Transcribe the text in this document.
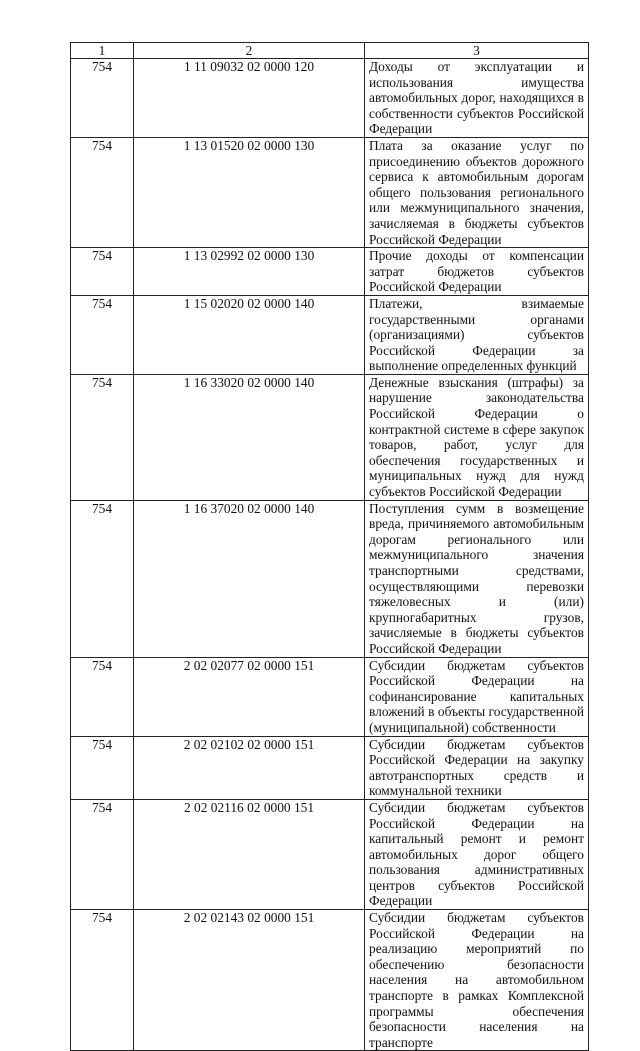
1	2	3
754	1 11 09032 02 0000 120	Доходы от эксплуатации и использования имущества автомобильных дорог, находящихся в собственности субъектов Российской Федерации
754	1 13 01520 02 0000 130	Плата за оказание услуг по присоединению объектов дорожного сервиса к автомобильным дорогам общего пользования регионального или межмуниципального значения, зачисляемая в бюджеты субъектов Российской Федерации
754	1 13 02992 02 0000 130	Прочие доходы от компенсации затрат бюджетов субъектов Российской Федерации
754	1 15 02020 02 0000 140	Платежи, взимаемые государственными органами (организациями) субъектов Российской Федерации за выполнение определенных функций
754	1 16 33020 02 0000 140	Денежные взыскания (штрафы) за нарушение законодательства Российской Федерации о контрактной системе в сфере закупок товаров, работ, услуг для обеспечения государственных и муниципальных нужд для нужд субъектов Российской Федерации
754	1 16 37020 02 0000 140	Поступления сумм в возмещение вреда, причиняемого автомобильным дорогам регионального или межмуниципального значения транспортными средствами, осуществляющими перевозки тяжеловесных и (или) крупногабаритных грузов, зачисляемые в бюджеты субъектов Российской Федерации
754	2 02 02077 02 0000 151	Субсидии бюджетам субъектов Российской Федерации на софинансирование капитальных вложений в объекты государственной (муниципальной) собственности
754	2 02 02102 02 0000 151	Субсидии бюджетам субъектов Российской Федерации на закупку автотранспортных средств и коммунальной техники
754	2 02 02116 02 0000 151	Субсидии бюджетам субъектов Российской Федерации на капитальный ремонт и ремонт автомобильных дорог общего пользования административных центров субъектов Российской Федерации
754	2 02 02143 02 0000 151	Субсидии бюджетам субъектов Российской Федерации на реализацию мероприятий по обеспечению безопасности населения на автомобильном транспорте в рамках Комплексной программы обеспечения безопасности населения на транспорте
